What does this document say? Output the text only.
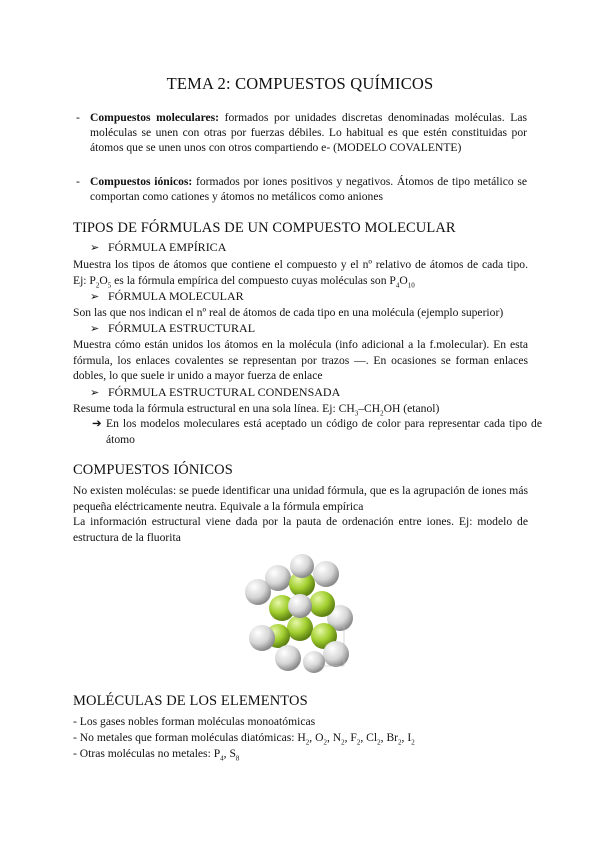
TEMA 2: COMPUESTOS QUÍMICOS
- Compuestos moleculares: formados por unidades discretas denominadas moléculas. Las moléculas se unen con otras por fuerzas débiles. Lo habitual es que estén constituidas por átomos que se unen unos con otros compartiendo e- (MODELO COVALENTE)
- Compuestos iónicos: formados por iones positivos y negativos. Átomos de tipo metálico se comportan como cationes y átomos no metálicos como aniones
TIPOS DE FÓRMULAS DE UN COMPUESTO MOLECULAR
➢ FÓRMULA EMPÍRICA
Muestra los tipos de átomos que contiene el compuesto y el nº relativo de átomos de cada tipo. Ej: $P_2O_5$ es la fórmula empírica del compuesto cuyas moléculas son $P_4O_{10}$
➢ FÓRMULA MOLECULAR
Son las que nos indican el nº real de átomos de cada tipo en una molécula (ejemplo superior)
➢ FÓRMULA ESTRUCTURAL
Muestra cómo están unidos los átomos en la molécula (info adicional a la f.molecular). En esta fórmula, los enlaces covalentes se representan por trazos —. En ocasiones se forman enlaces dobles, lo que suele ir unido a mayor fuerza de enlace
➢ FÓRMULA ESTRUCTURAL CONDENSADA
Resume toda la fórmula estructural en una sola línea. Ej: $CH_3-CH_2OH$ (etanol)
➔ En los modelos moleculares está aceptado un código de color para representar cada tipo de átomo
COMPUESTOS IÓNICOS
No existen moléculas: se puede identificar una unidad fórmula, que es la agrupación de iones más pequeña eléctricamente neutra. Equivale a la fórmula empírica
La información estructural viene dada por la pauta de ordenación entre iones. Ej: modelo de estructura de la fluorita
MOLÉCULAS DE LOS ELEMENTOS
- Los gases nobles forman moléculas monoatómicas
- No metales que forman moléculas diatómicas: $H_2$, $O_2$, $N_2$, $F_2$, $Cl_2$, $Br_2$, $I_2$
- Otras moléculas no metales: $P_4$, $S_8$
